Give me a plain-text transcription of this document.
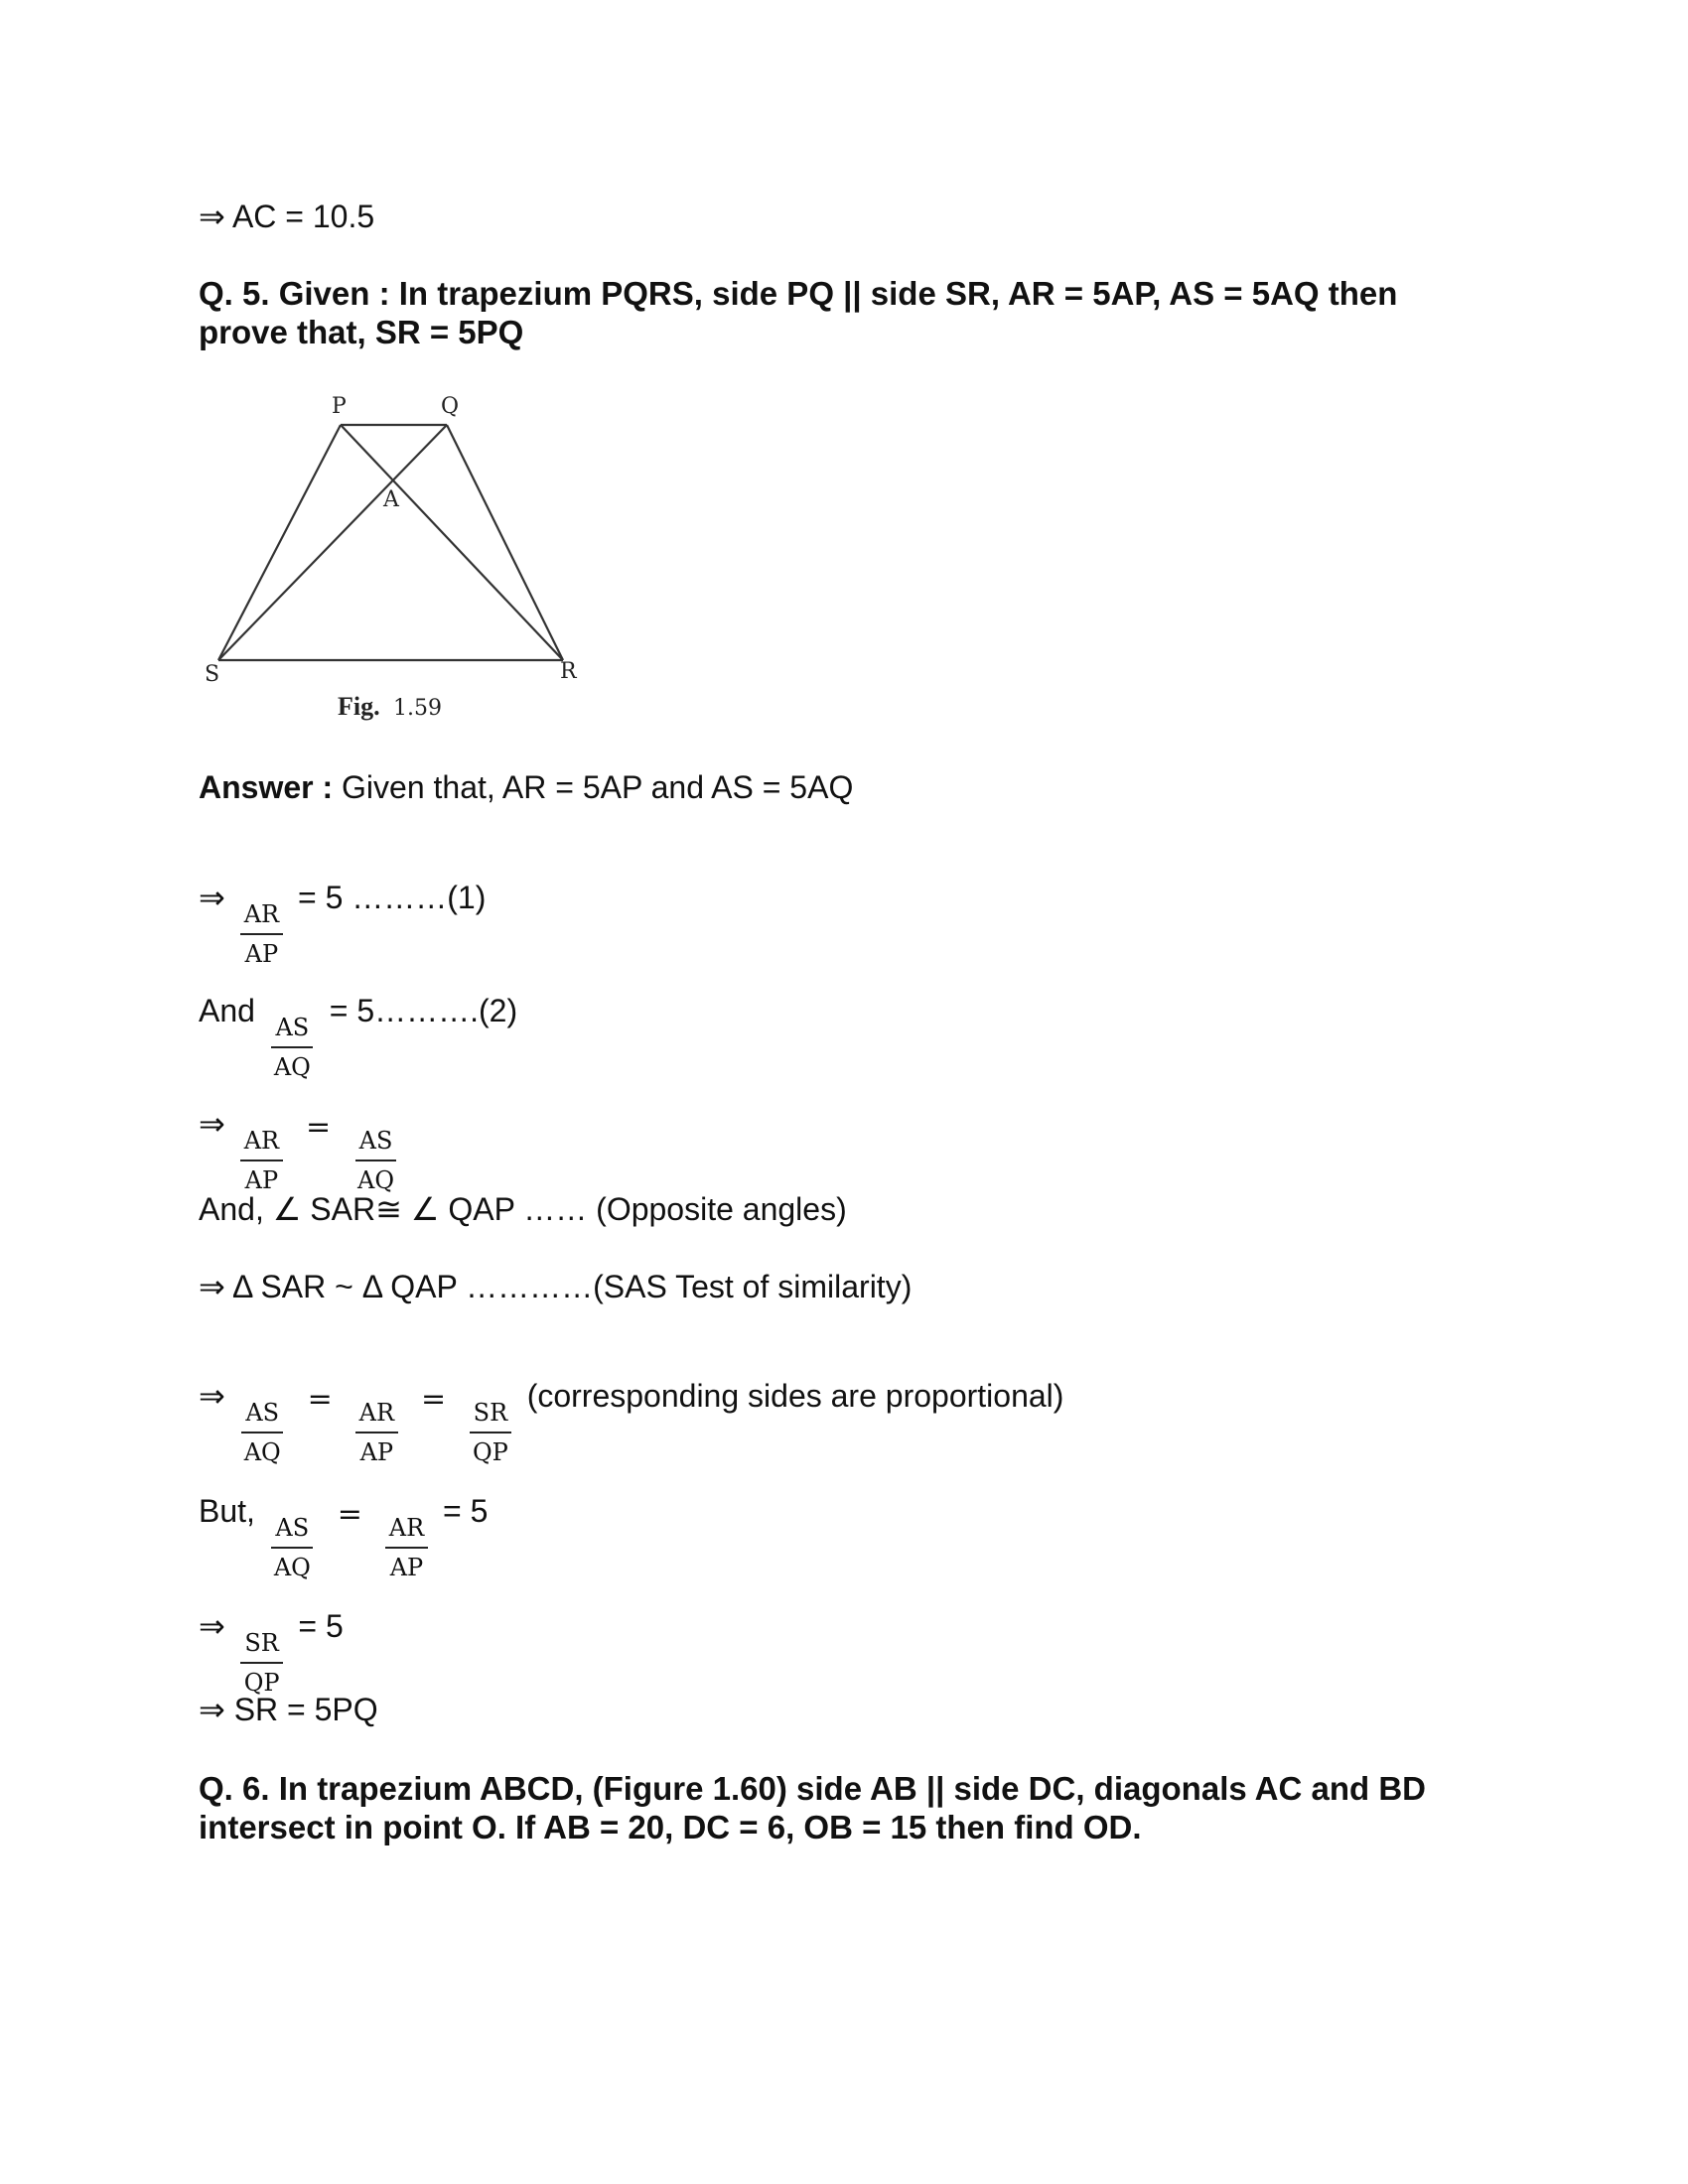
⇒ AC = 10.5
Q. 5. Given : In trapezium PQRS, side PQ || side SR, AR = 5AP, AS = 5AQ then
prove that, SR = 5PQ
P	Q
A
S	R
Fig. 1.59
Answer : Given that, AR = 5AP and AS = 5AQ
⇒
$\frac{AR}{AP}$
= 5 ………(1)
And
$\frac{AS}{AQ}$
= 5……….(2)
⇒
$\frac{AR}{AP}$
=
$\frac{AS}{AQ}$
And, ∠ SAR≅ ∠ QAP …… (Opposite angles)
⇒ Δ SAR ~ Δ QAP …………(SAS Test of similarity)
⇒
$\frac{AS}{AQ}$
=
$\frac{AR}{AP}$
=
$\frac{SR}{QP}$
(corresponding sides are proportional)
But,
$\frac{AS}{AQ}$
=
$\frac{AR}{AP}$
= 5
⇒
$\frac{SR}{QP}$
= 5
⇒ SR = 5PQ
Q. 6. In trapezium ABCD, (Figure 1.60) side AB || side DC, diagonals AC and BD
intersect in point O. If AB = 20, DC = 6, OB = 15 then find OD.
